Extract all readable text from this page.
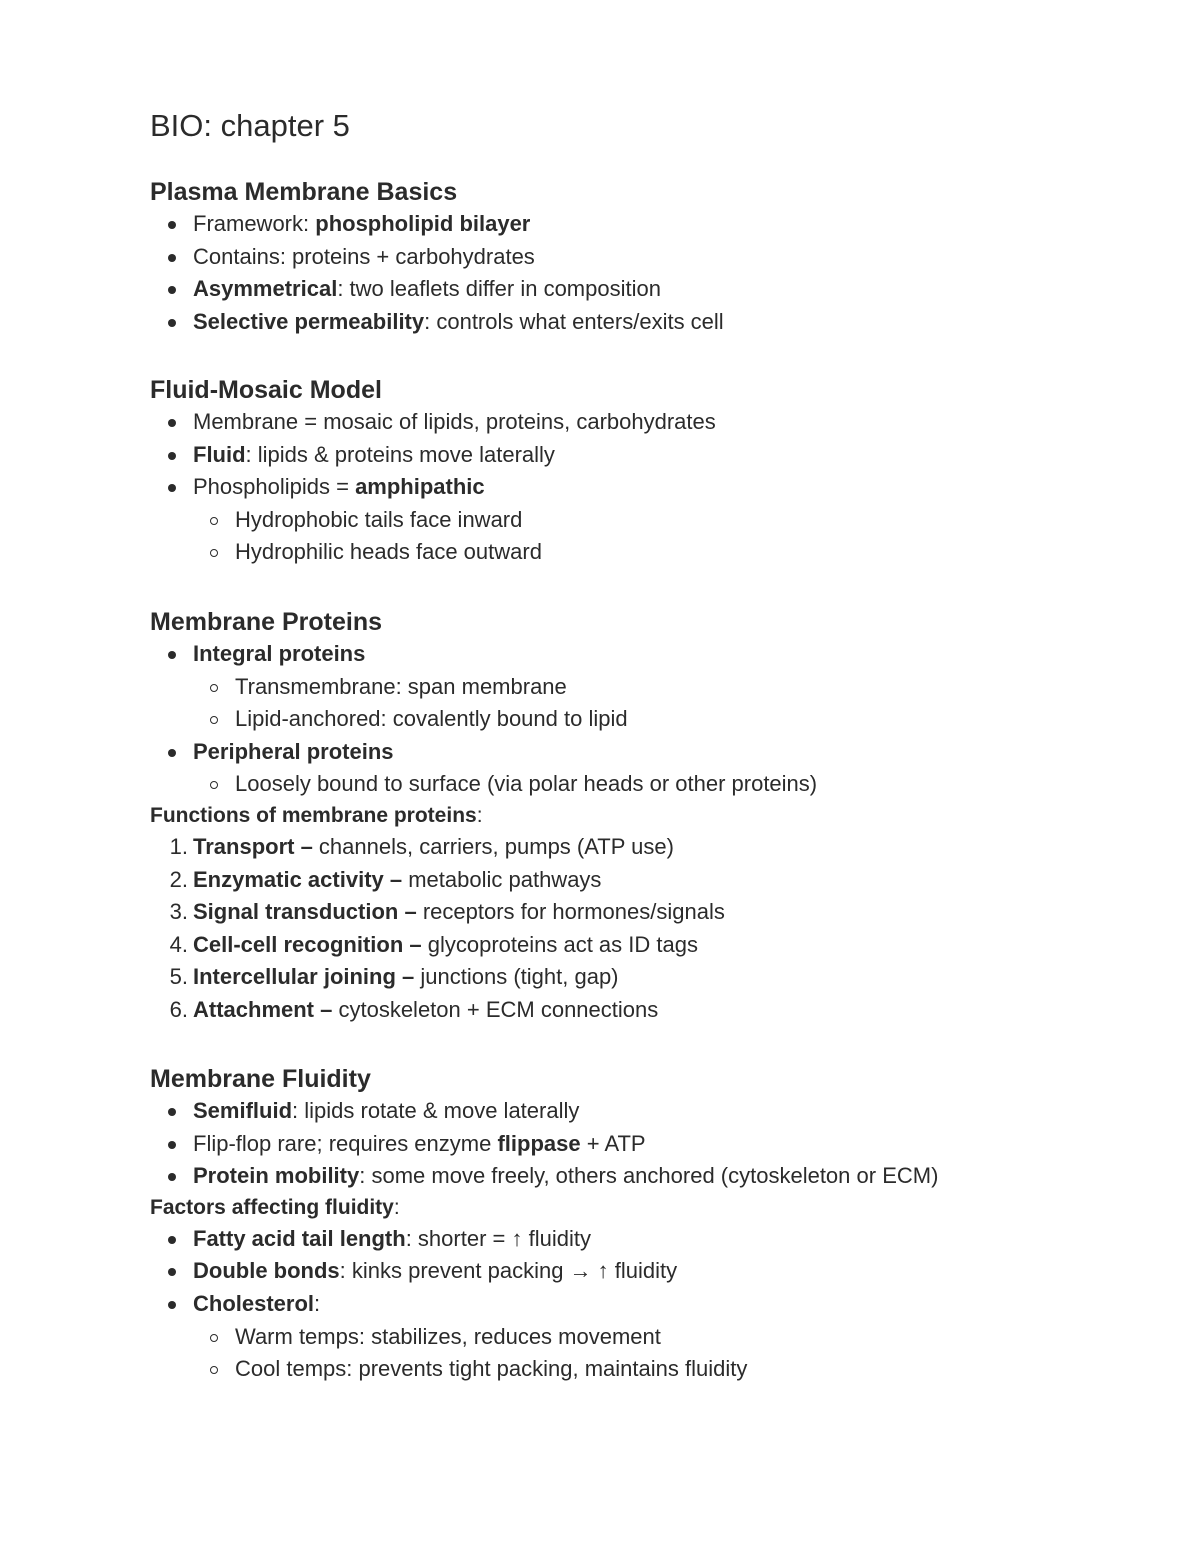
BIO: chapter 5
Plasma Membrane Basics
Framework: phospholipid bilayer
Contains: proteins + carbohydrates
Asymmetrical: two leaflets differ in composition
Selective permeability: controls what enters/exits cell
Fluid-Mosaic Model
Membrane = mosaic of lipids, proteins, carbohydrates
Fluid: lipids & proteins move laterally
Phospholipids = amphipathic
Hydrophobic tails face inward
Hydrophilic heads face outward
Membrane Proteins
Integral proteins
Transmembrane: span membrane
Lipid-anchored: covalently bound to lipid
Peripheral proteins
Loosely bound to surface (via polar heads or other proteins)
Functions of membrane proteins:
1. Transport – channels, carriers, pumps (ATP use)
2. Enzymatic activity – metabolic pathways
3. Signal transduction – receptors for hormones/signals
4. Cell-cell recognition – glycoproteins act as ID tags
5. Intercellular joining – junctions (tight, gap)
6. Attachment – cytoskeleton + ECM connections
Membrane Fluidity
Semifluid: lipids rotate & move laterally
Flip-flop rare; requires enzyme flippase + ATP
Protein mobility: some move freely, others anchored (cytoskeleton or ECM)
Factors affecting fluidity:
Fatty acid tail length: shorter = ↑ fluidity
Double bonds: kinks prevent packing → ↑ fluidity
Cholesterol:
Warm temps: stabilizes, reduces movement
Cool temps: prevents tight packing, maintains fluidity
